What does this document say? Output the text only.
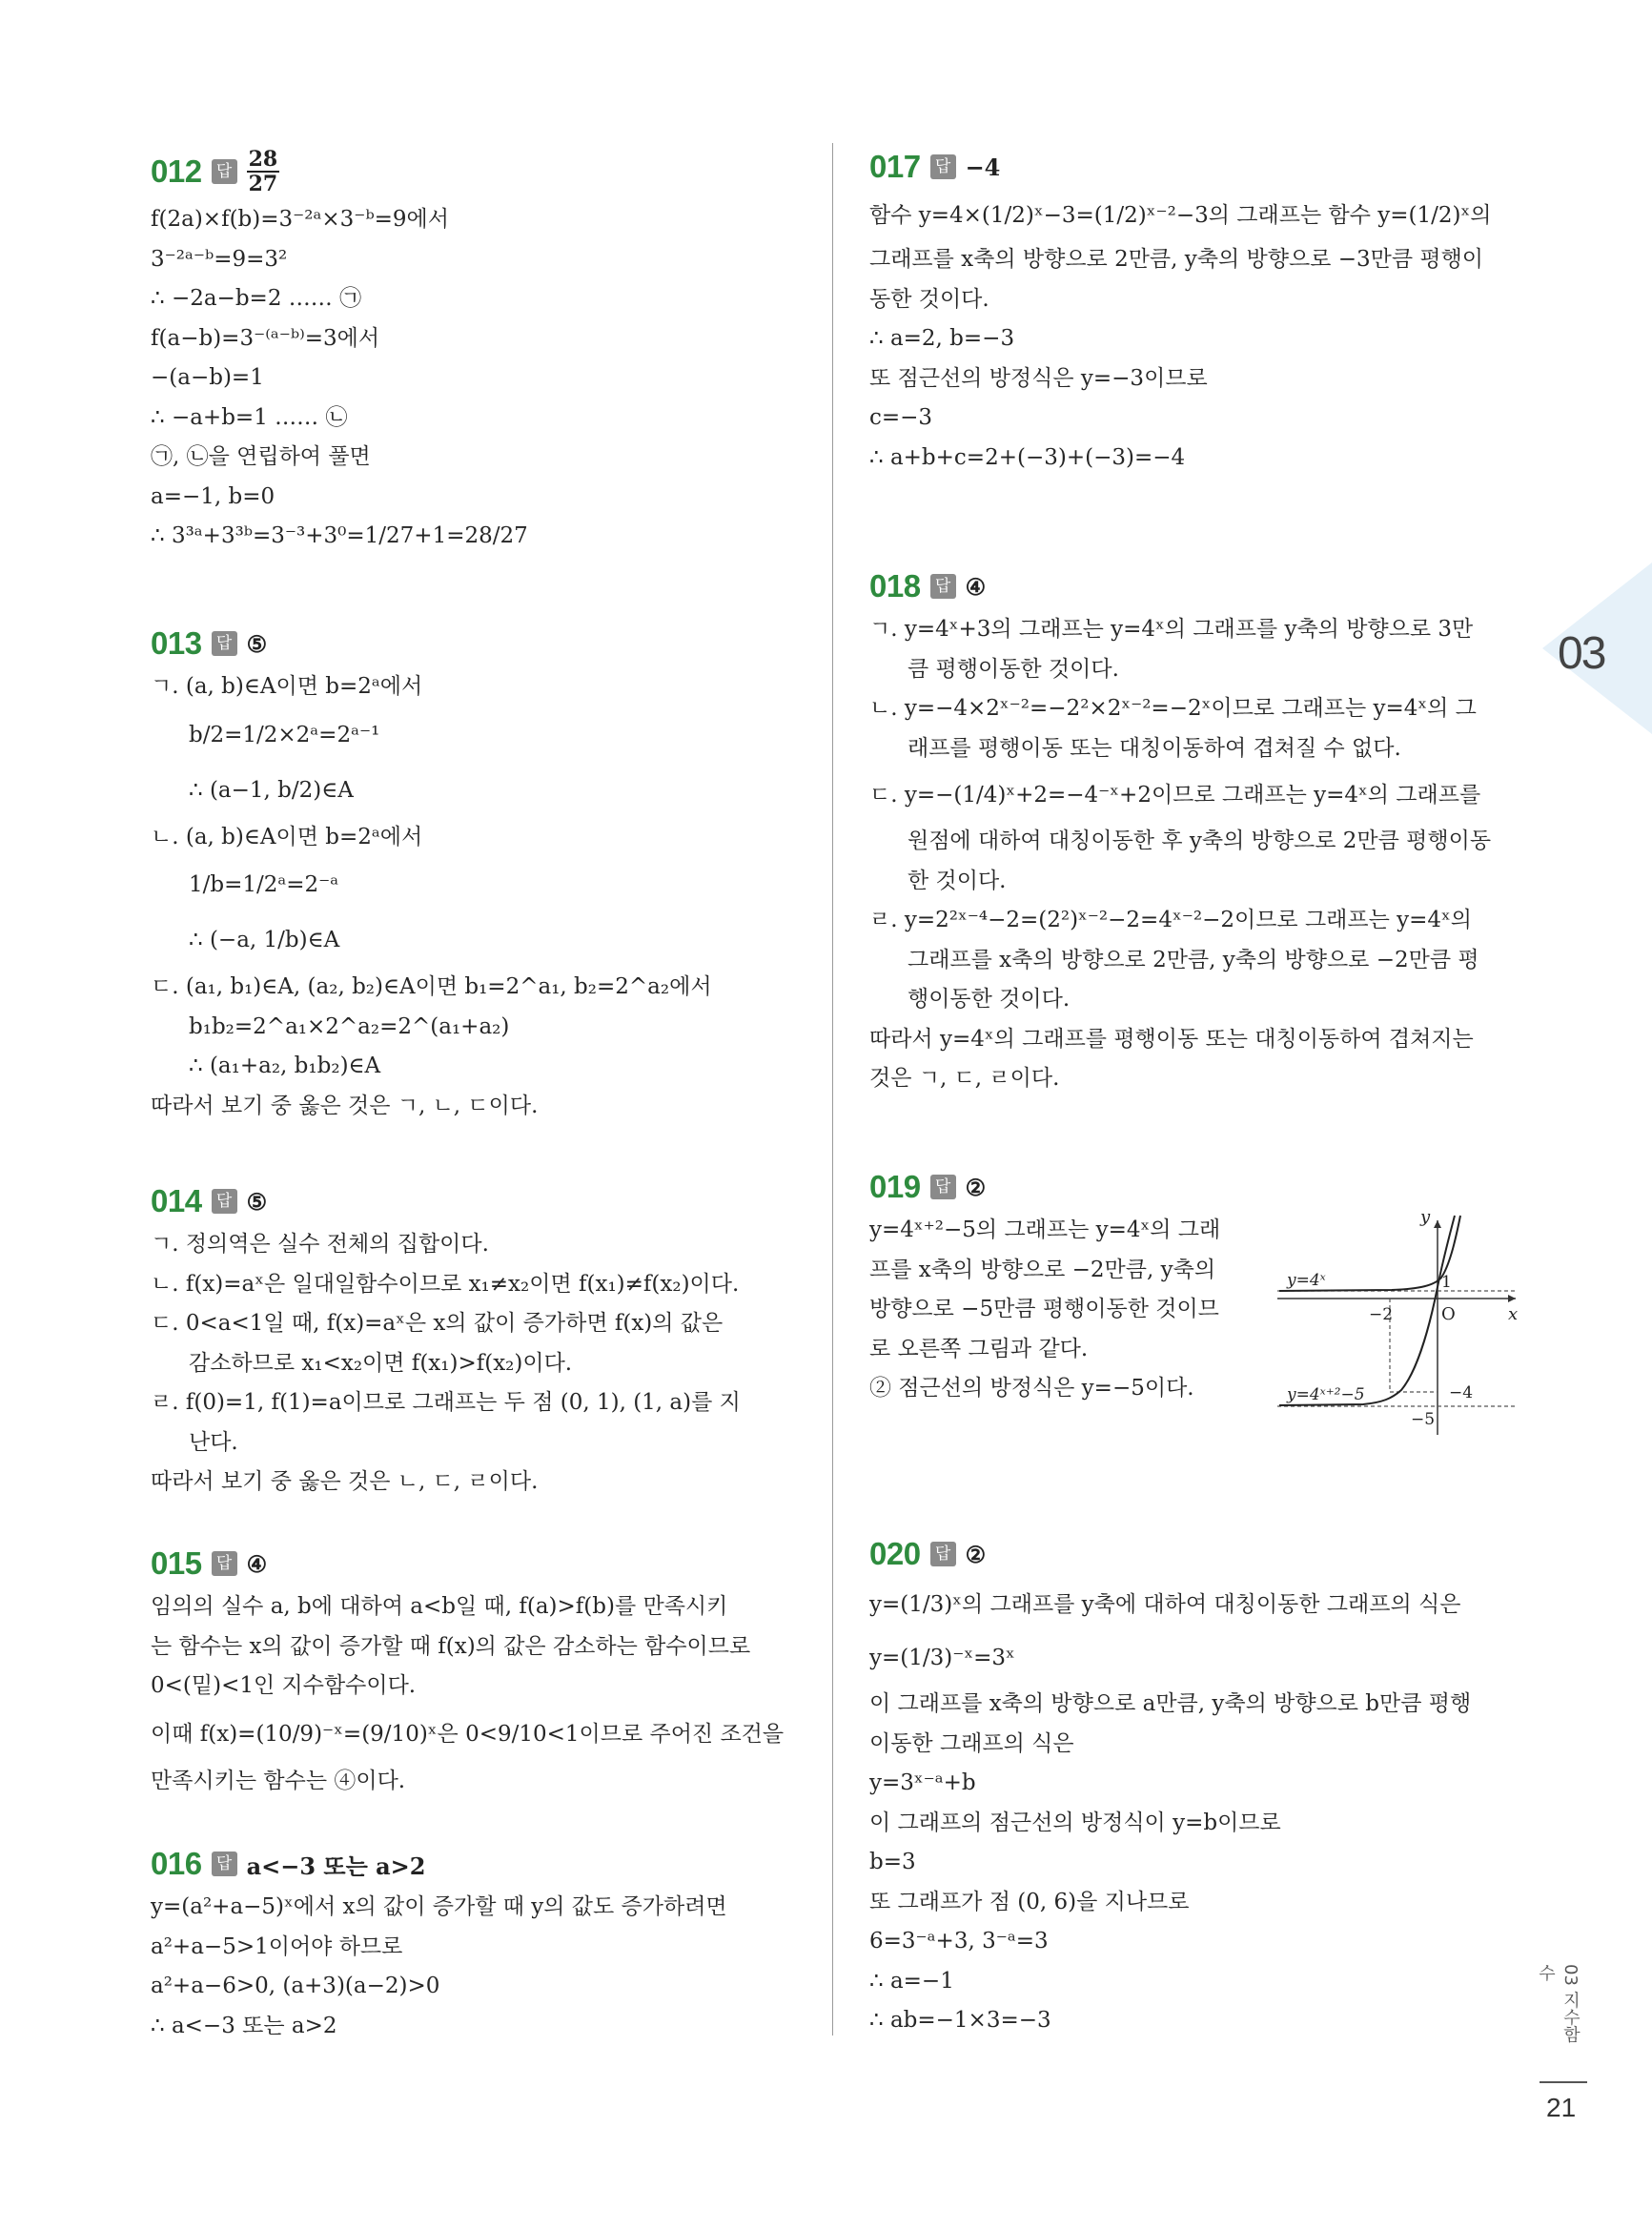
012 답 $\frac{28}{27}$
f(2a)×f(b)=3⁻²ᵃ×3⁻ᵇ=9에서
3⁻²ᵃ⁻ᵇ=9=3²
∴ −2a−b=2 …… ㉠
f(a−b)=3⁻⁽ᵃ⁻ᵇ⁾=3에서
−(a−b)=1
∴ −a+b=1 …… ㉡
㉠, ㉡을 연립하여 풀면
a=−1, b=0
∴ 3³ᵃ+3³ᵇ=3⁻³+3⁰=1/27+1=28/27
013 답 ⑤
ㄱ. (a, b)∈A이면 b=2ᵃ에서
b/2=1/2×2ᵃ=2ᵃ⁻¹
∴ (a−1, b/2)∈A
ㄴ. (a, b)∈A이면 b=2ᵃ에서
1/b=1/2ᵃ=2⁻ᵃ
∴ (−a, 1/b)∈A
ㄷ. (a₁, b₁)∈A, (a₂, b₂)∈A이면 b₁=2^a₁, b₂=2^a₂에서
b₁b₂=2^a₁×2^a₂=2^(a₁+a₂)
∴ (a₁+a₂, b₁b₂)∈A
따라서 보기 중 옳은 것은 ㄱ, ㄴ, ㄷ이다.
014 답 ⑤
ㄱ. 정의역은 실수 전체의 집합이다.
ㄴ. f(x)=aˣ은 일대일함수이므로 x₁≠x₂이면 f(x₁)≠f(x₂)이다.
ㄷ. 0<a<1일 때, f(x)=aˣ은 x의 값이 증가하면 f(x)의 값은
감소하므로 x₁<x₂이면 f(x₁)>f(x₂)이다.
ㄹ. f(0)=1, f(1)=a이므로 그래프는 두 점 (0, 1), (1, a)를 지
난다.
따라서 보기 중 옳은 것은 ㄴ, ㄷ, ㄹ이다.
015 답 ④
임의의 실수 a, b에 대하여 a<b일 때, f(a)>f(b)를 만족시키
는 함수는 x의 값이 증가할 때 f(x)의 값은 감소하는 함수이므로
0<(밑)<1인 지수함수이다.
이때 f(x)=(10/9)⁻ˣ=(9/10)ˣ은 0<9/10<1이므로 주어진 조건을
만족시키는 함수는 ④이다.
016 답 a<−3 또는 a>2
y=(a²+a−5)ˣ에서 x의 값이 증가할 때 y의 값도 증가하려면
a²+a−5>1이어야 하므로
a²+a−6>0, (a+3)(a−2)>0
∴ a<−3 또는 a>2
017 답 −4
함수 y=4×(1/2)ˣ−3=(1/2)ˣ⁻²−3의 그래프는 함수 y=(1/2)ˣ의
그래프를 x축의 방향으로 2만큼, y축의 방향으로 −3만큼 평행이
동한 것이다.
∴ a=2, b=−3
또 점근선의 방정식은 y=−3이므로
c=−3
∴ a+b+c=2+(−3)+(−3)=−4
018 답 ④
ㄱ. y=4ˣ+3의 그래프는 y=4ˣ의 그래프를 y축의 방향으로 3만
큼 평행이동한 것이다.
ㄴ. y=−4×2ˣ⁻²=−2²×2ˣ⁻²=−2ˣ이므로 그래프는 y=4ˣ의 그
래프를 평행이동 또는 대칭이동하여 겹쳐질 수 없다.
ㄷ. y=−(1/4)ˣ+2=−4⁻ˣ+2이므로 그래프는 y=4ˣ의 그래프를
원점에 대하여 대칭이동한 후 y축의 방향으로 2만큼 평행이동
한 것이다.
ㄹ. y=2²ˣ⁻⁴−2=(2²)ˣ⁻²−2=4ˣ⁻²−2이므로 그래프는 y=4ˣ의
그래프를 x축의 방향으로 2만큼, y축의 방향으로 −2만큼 평
행이동한 것이다.
따라서 y=4ˣ의 그래프를 평행이동 또는 대칭이동하여 겹쳐지는
것은 ㄱ, ㄷ, ㄹ이다.
019 답 ②
y=4ˣ⁺²−5의 그래프는 y=4ˣ의 그래
프를 x축의 방향으로 −2만큼, y축의
방향으로 −5만큼 평행이동한 것이므
로 오른쪽 그림과 같다.
② 점근선의 방정식은 y=−5이다.
020 답 ②
y=(1/3)ˣ의 그래프를 y축에 대하여 대칭이동한 그래프의 식은
y=(1/3)⁻ˣ=3ˣ
이 그래프를 x축의 방향으로 a만큼, y축의 방향으로 b만큼 평행
이동한 그래프의 식은
y=3ˣ⁻ᵃ+b
이 그래프의 점근선의 방정식이 y=b이므로
b=3
또 그래프가 점 (0, 6)을 지나므로
6=3⁻ᵃ+3, 3⁻ᵃ=3
∴ a=−1
∴ ab=−1×3=−3
y
x
O
y=4ˣ
y=4ˣ⁺²−5
−2
1
−4
−5
03
03 지수함수
21
